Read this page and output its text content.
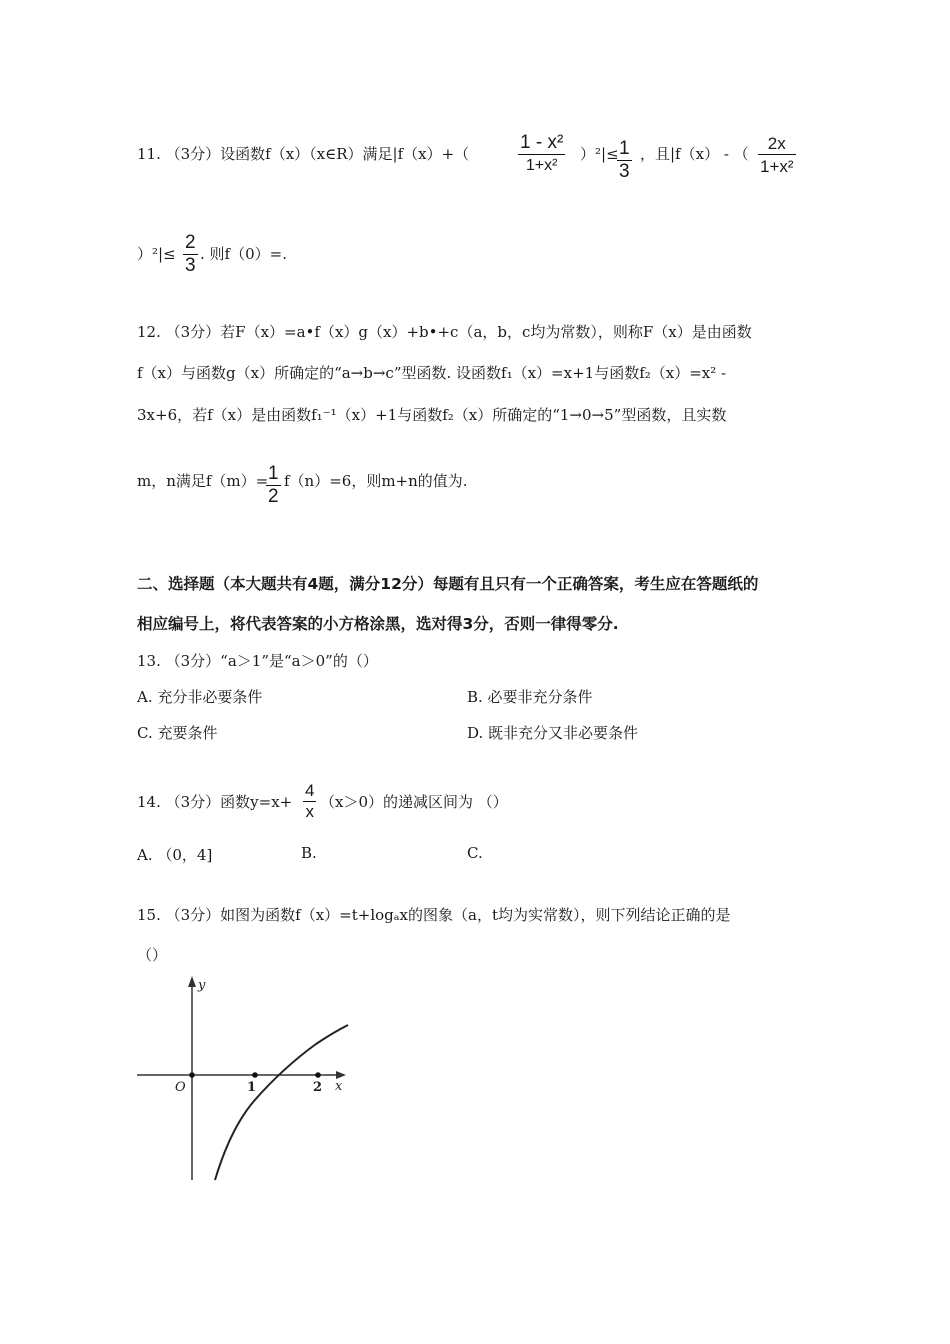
11. （3分）设函数f（x）（x∈R）满足|f（x）+（
1 - x²
1+x²
）²|≤ 1
3
，且|f（x） - （
2x
1+x²
）²|≤
2
3
. 则f（0）=.
12. （3分）若F（x）=a•f（x）g（x）+b•+c（a，b，c均为常数），则称F（x）是由函数
f（x）与函数g（x）所确定的“a→b→c”型函数. 设函数f₁（x）=x+1与函数f₂（x）=x² -
3x+6，若f（x）是由函数f₁⁻¹（x）+1与函数f₂（x）所确定的“1→0→5”型函数，且实数
m，n满足f（m）= 1
2
f（n）=6，则m+n的值为.
二、选择题（本大题共有4题，满分12分）每题有且只有一个正确答案，考生应在答题纸的
相应编号上，将代表答案的小方格涂黑，选对得3分，否则一律得零分.
13. （3分）“a＞1”是“a＞0”的（）
A. 充分非必要条件	B. 必要非充分条件
C. 充要条件	D. 既非充分又非必要条件
14. （3分）函数y=x+
4
x （x＞0）的递减区间为 （）
A. （0，4]	B.	C.
15. （3分）如图为函数f（x）=t+logₐx的图象（a，t均为实常数），则下列结论正确的是
（）
y
x
O	1	2
